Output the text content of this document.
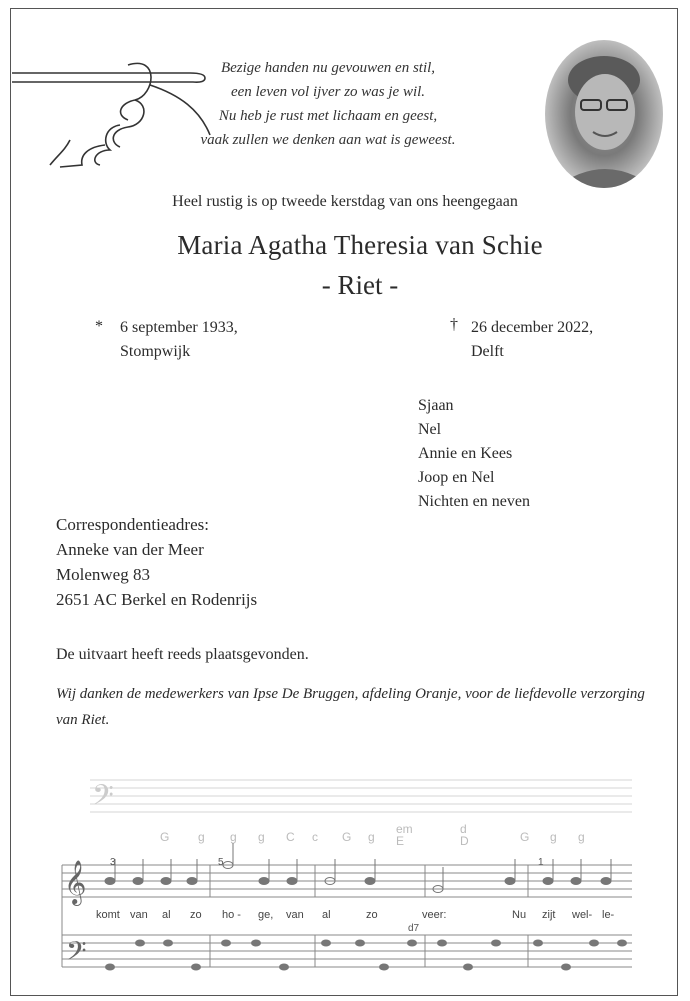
Bezige handen nu gevouwen en stil,
een leven vol ijver zo was je wil.
Nu heb je rust met lichaam en geest,
vaak zullen we denken aan wat is geweest.
Heel rustig is op tweede kerstdag van ons heengegaan
Maria Agatha Theresia van Schie
- Riet -
* 6 september 1933,
Stompwijk
† 26 december 2022,
Delft
Sjaan
Nel
Annie en Kees
Joop en Nel
Nichten en neven
Correspondentieadres:
Anneke van der Meer
Molenweg 83
2651 AC Berkel en Rodenrijs
De uitvaart heeft reeds plaatsgevonden.
Wij danken de medewerkers van Ipse De Bruggen, afdeling Oranje, voor de liefdevolle verzorging van Riet.
𝄢
G g g g C c G g
em
E
d
D	G g g
𝄞
𝄢
3	5	1
d7
komt van al zo ho - ge, van al	zo	veer:	Nu zijt wel- le-
